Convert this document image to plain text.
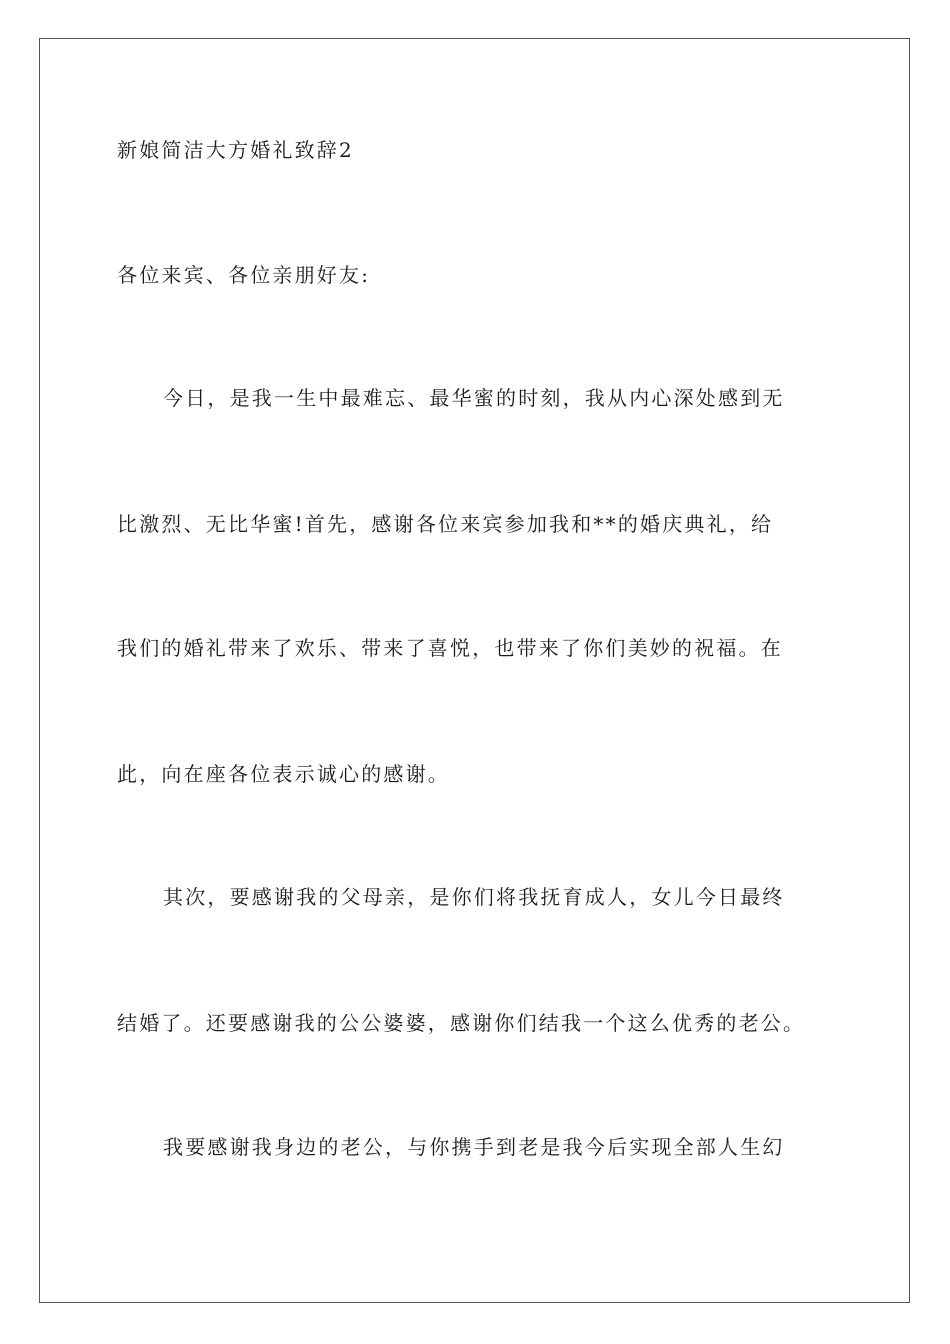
新娘简洁大方婚礼致辞2
各位来宾、各位亲朋好友:
今日，是我一生中最难忘、最华蜜的时刻，我从内心深处感到无
比激烈、无比华蜜!首先，感谢各位来宾参加我和**的婚庆典礼，给
我们的婚礼带来了欢乐、带来了喜悦，也带来了你们美妙的祝福。在
此，向在座各位表示诚心的感谢。
其次，要感谢我的父母亲，是你们将我抚育成人，女儿今日最终
结婚了。还要感谢我的公公婆婆，感谢你们结我一个这么优秀的老公。
我要感谢我身边的老公，与你携手到老是我今后实现全部人生幻
